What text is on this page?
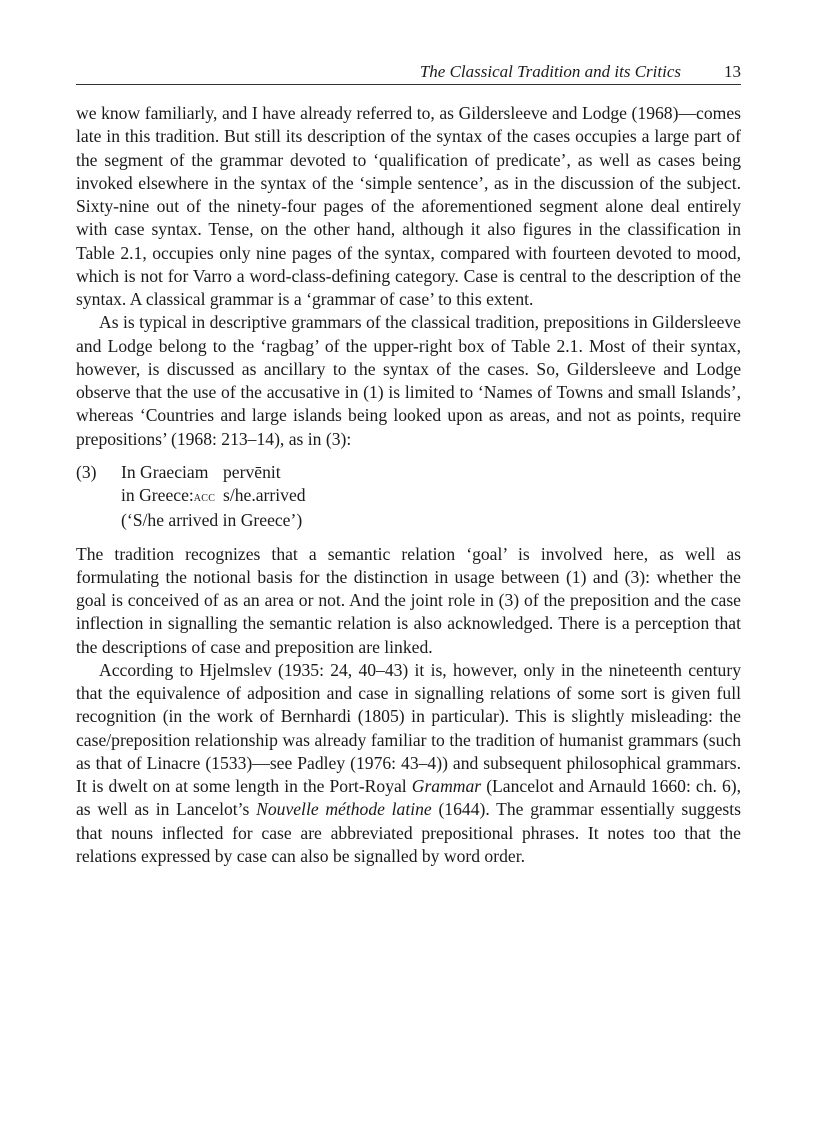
The Classical Tradition and its Critics	13

we know familiarly, and I have already referred to, as Gildersleeve and Lodge (1968)—comes late in this tradition. But still its description of the syntax of the cases occupies a large part of the segment of the grammar devoted to ‘qualification of predicate’, as well as cases being invoked elsewhere in the syntax of the ‘simple sentence’, as in the discussion of the subject. Sixty-nine out of the ninety-four pages of the aforementioned segment alone deal entirely with case syntax. Tense, on the other hand, although it also figures in the classification in Table 2.1, occupies only nine pages of the syntax, compared with fourteen devoted to mood, which is not for Varro a word-class-defining category. Case is central to the description of the syntax. A classical grammar is a ‘grammar of case’ to this extent.

As is typical in descriptive grammars of the classical tradition, prepositions in Gildersleeve and Lodge belong to the ‘ragbag’ of the upper-right box of Table 2.1. Most of their syntax, however, is discussed as ancillary to the syntax of the cases. So, Gildersleeve and Lodge observe that the use of the accusative in (1) is limited to ‘Names of Towns and small Islands’, whereas ‘Countries and large islands being looked upon as areas, and not as points, require prepositions’ (1968: 213–14), as in (3):

(3)	In Graeciam pervēnit
in Greece:acc s/he.arrived
(‘S/he arrived in Greece’)

The tradition recognizes that a semantic relation ‘goal’ is involved here, as well as formulating the notional basis for the distinction in usage between (1) and (3): whether the goal is conceived of as an area or not. And the joint role in (3) of the preposition and the case inflection in signalling the semantic relation is also acknowledged. There is a perception that the descriptions of case and preposition are linked.

According to Hjelmslev (1935: 24, 40–43) it is, however, only in the nineteenth century that the equivalence of adposition and case in signalling relations of some sort is given full recognition (in the work of Bernhardi (1805) in particular). This is slightly misleading: the case/preposition relationship was already familiar to the tradition of humanist grammars (such as that of Linacre (1533)—see Padley (1976: 43–4)) and subsequent philosophical grammars. It is dwelt on at some length in the Port-Royal Grammar (Lancelot and Arnauld 1660: ch. 6), as well as in Lancelot’s Nouvelle méthode latine (1644). The grammar essentially suggests that nouns inflected for case are abbreviated prepositional phrases. It notes too that the relations expressed by case can also be signalled by word order.
